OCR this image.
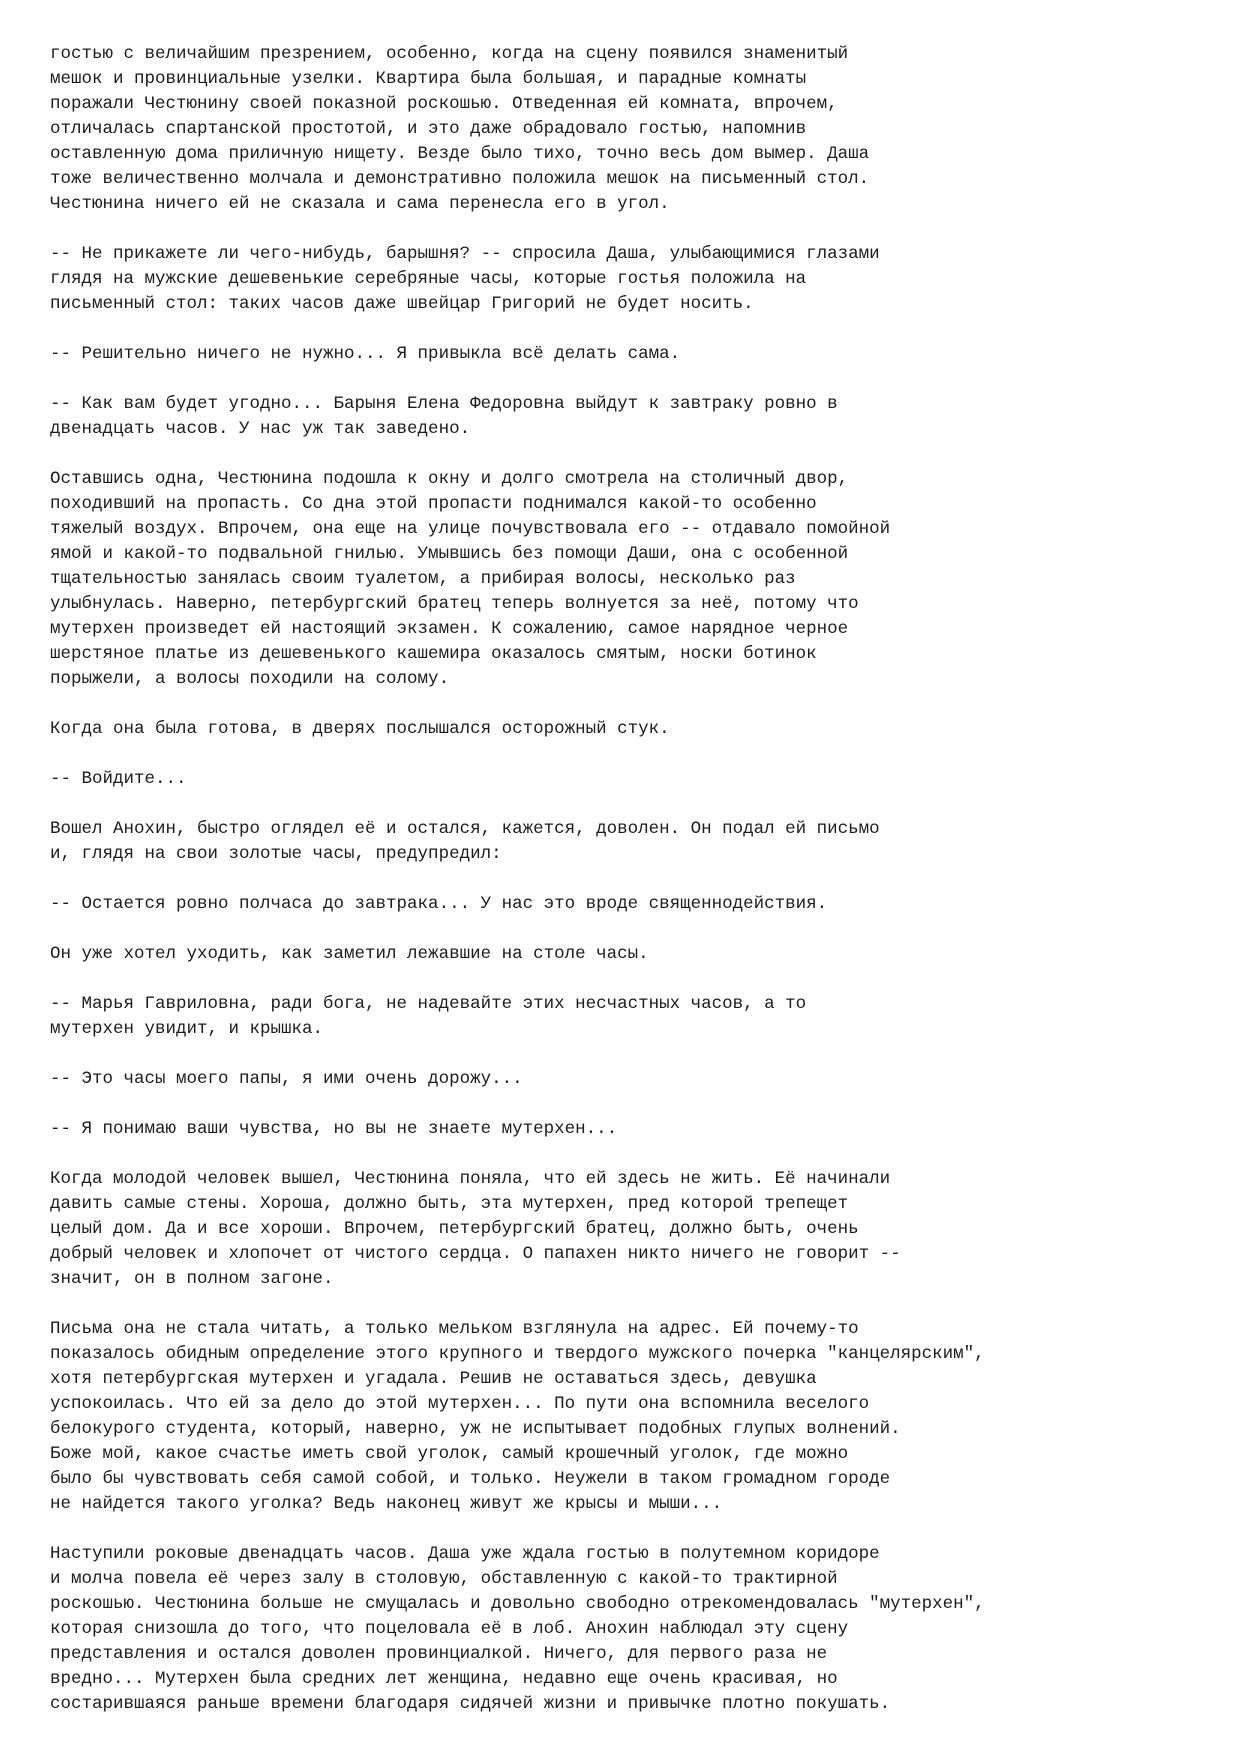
гостью с величайшим презрением, особенно, когда на сцену появился знаменитый
мешок и провинциальные узелки. Квартира была большая, и парадные комнаты
поражали Честюнину своей показной роскошью. Отведенная ей комната, впрочем,
отличалась спартанской простотой, и это даже обрадовало гостью, напомнив
оставленную дома приличную нищету. Везде было тихо, точно весь дом вымер. Даша
тоже величественно молчала и демонстративно положила мешок на письменный стол.
Честюнина ничего ей не сказала и сама перенесла его в угол.
-- Не прикажете ли чего-нибудь, барышня? -- спросила Даша, улыбающимися глазами
глядя на мужские дешевенькие серебряные часы, которые гостья положила на
письменный стол: таких часов даже швейцар Григорий не будет носить.
-- Решительно ничего не нужно... Я привыкла всё делать сама.
-- Как вам будет угодно... Барыня Елена Федоровна выйдут к завтраку ровно в
двенадцать часов. У нас уж так заведено.
Оставшись одна, Честюнина подошла к окну и долго смотрела на столичный двор,
походивший на пропасть. Со дна этой пропасти поднимался какой-то особенно
тяжелый воздух. Впрочем, она еще на улице почувствовала его -- отдавало помойной
ямой и какой-то подвальной гнилью. Умывшись без помощи Даши, она с особенной
тщательностью занялась своим туалетом, а прибирая волосы, несколько раз
улыбнулась. Наверно, петербургский братец теперь волнуется за неё, потому что
мутерхен произведет ей настоящий экзамен. К сожалению, самое нарядное черное
шерстяное платье из дешевенького кашемира оказалось смятым, носки ботинок
порыжели, а волосы походили на солому.
Когда она была готова, в дверях послышался осторожный стук.
-- Войдите...
Вошел Анохин, быстро оглядел её и остался, кажется, доволен. Он подал ей письмо
и, глядя на свои золотые часы, предупредил:
-- Остается ровно полчаса до завтрака... У нас это вроде священнодействия.
Он уже хотел уходить, как заметил лежавшие на столе часы.
-- Марья Гавриловна, ради бога, не надевайте этих несчастных часов, а то
мутерхен увидит, и крышка.
-- Это часы моего папы, я ими очень дорожу...
-- Я понимаю ваши чувства, но вы не знаете мутерхен...
Когда молодой человек вышел, Честюнина поняла, что ей здесь не жить. Её начинали
давить самые стены. Хороша, должно быть, эта мутерхен, пред которой трепещет
целый дом. Да и все хороши. Впрочем, петербургский братец, должно быть, очень
добрый человек и хлопочет от чистого сердца. О папахен никто ничего не говорит --
значит, он в полном загоне.
Письма она не стала читать, а только мельком взглянула на адрес. Ей почему-то
показалось обидным определение этого крупного и твердого мужского почерка "канцелярским",
хотя петербургская мутерхен и угадала. Решив не оставаться здесь, девушка
успокоилась. Что ей за дело до этой мутерхен... По пути она вспомнила веселого
белокурого студента, который, наверно, уж не испытывает подобных глупых волнений.
Боже мой, какое счастье иметь свой уголок, самый крошечный уголок, где можно
было бы чувствовать себя самой собой, и только. Неужели в таком громадном городе
не найдется такого уголка? Ведь наконец живут же крысы и мыши...
Наступили роковые двенадцать часов. Даша уже ждала гостью в полутемном коридоре
и молча повела её через залу в столовую, обставленную с какой-то трактирной
роскошью. Честюнина больше не смущалась и довольно свободно отрекомендовалась "мутерхен",
которая снизошла до того, что поцеловала её в лоб. Анохин наблюдал эту сцену
представления и остался доволен провинциалкой. Ничего, для первого раза не
вредно... Мутерхен была средних лет женщина, недавно еще очень красивая, но
состарившаяся раньше времени благодаря сидячей жизни и привычке плотно покушать.
